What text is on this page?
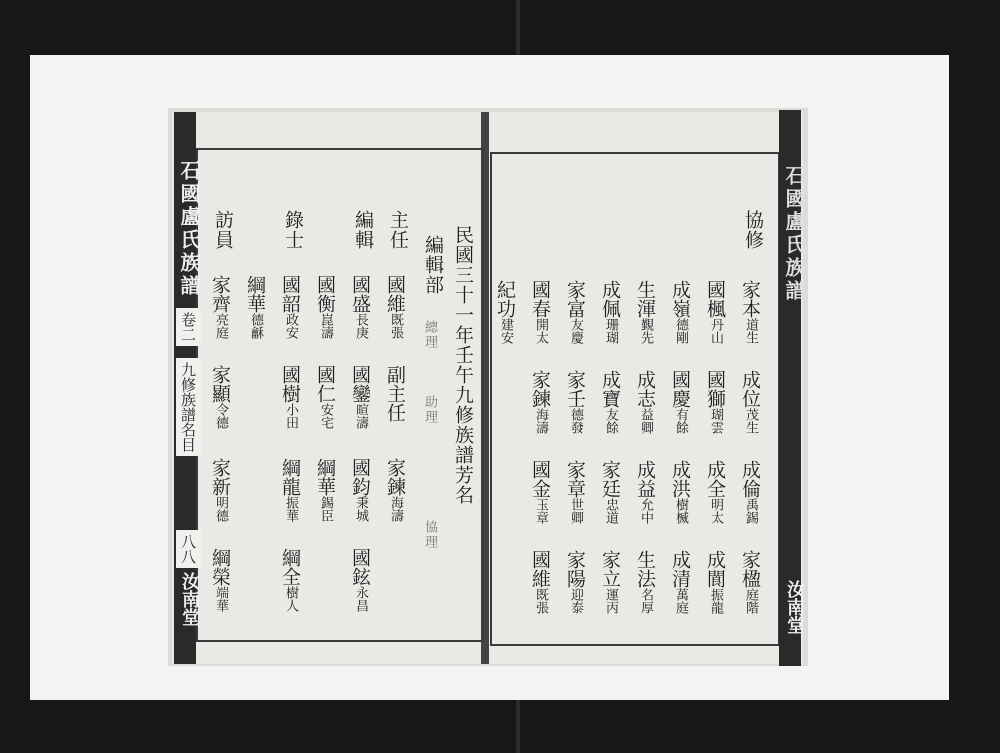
石國盧氏族譜	石國盧氏族譜
卷二
九修族譜名目
八八
汝南堂	汝南堂
民國三十一年壬午九修族譜芳名
編輯部
總理
助理
協理
主任
國維既張
副主任
家鍊海濤
編輯
國盛長庚
國鑾暄濤
國鈞秉城
國鉉永昌
國衡崑濤
國仁安宅
綱華錫臣
錄士
國韶政安
國樹小田
綱龍振華
綱全樹人
綱華德龢
訪員
家齊亮庭
家顯令德
家新明德
綱榮端華
協修
家本道生
成位茂生
成倫禹錫
家楹庭階
國楓丹山
國獅瑚雲
成全明太
成閬振龍
成嶺德剛
國慶有餘
成洪樹楲
成清萬庭
生渾覲先
成志益卿
成益允中
生法名厚
成佩珊瑚
成寶友餘
家廷忠道
家立運丙
家富友慶
家壬德發
家章世卿
家陽迎泰
國春開太
家鍊海濤
國金玉章
國維既張
紀功建安
